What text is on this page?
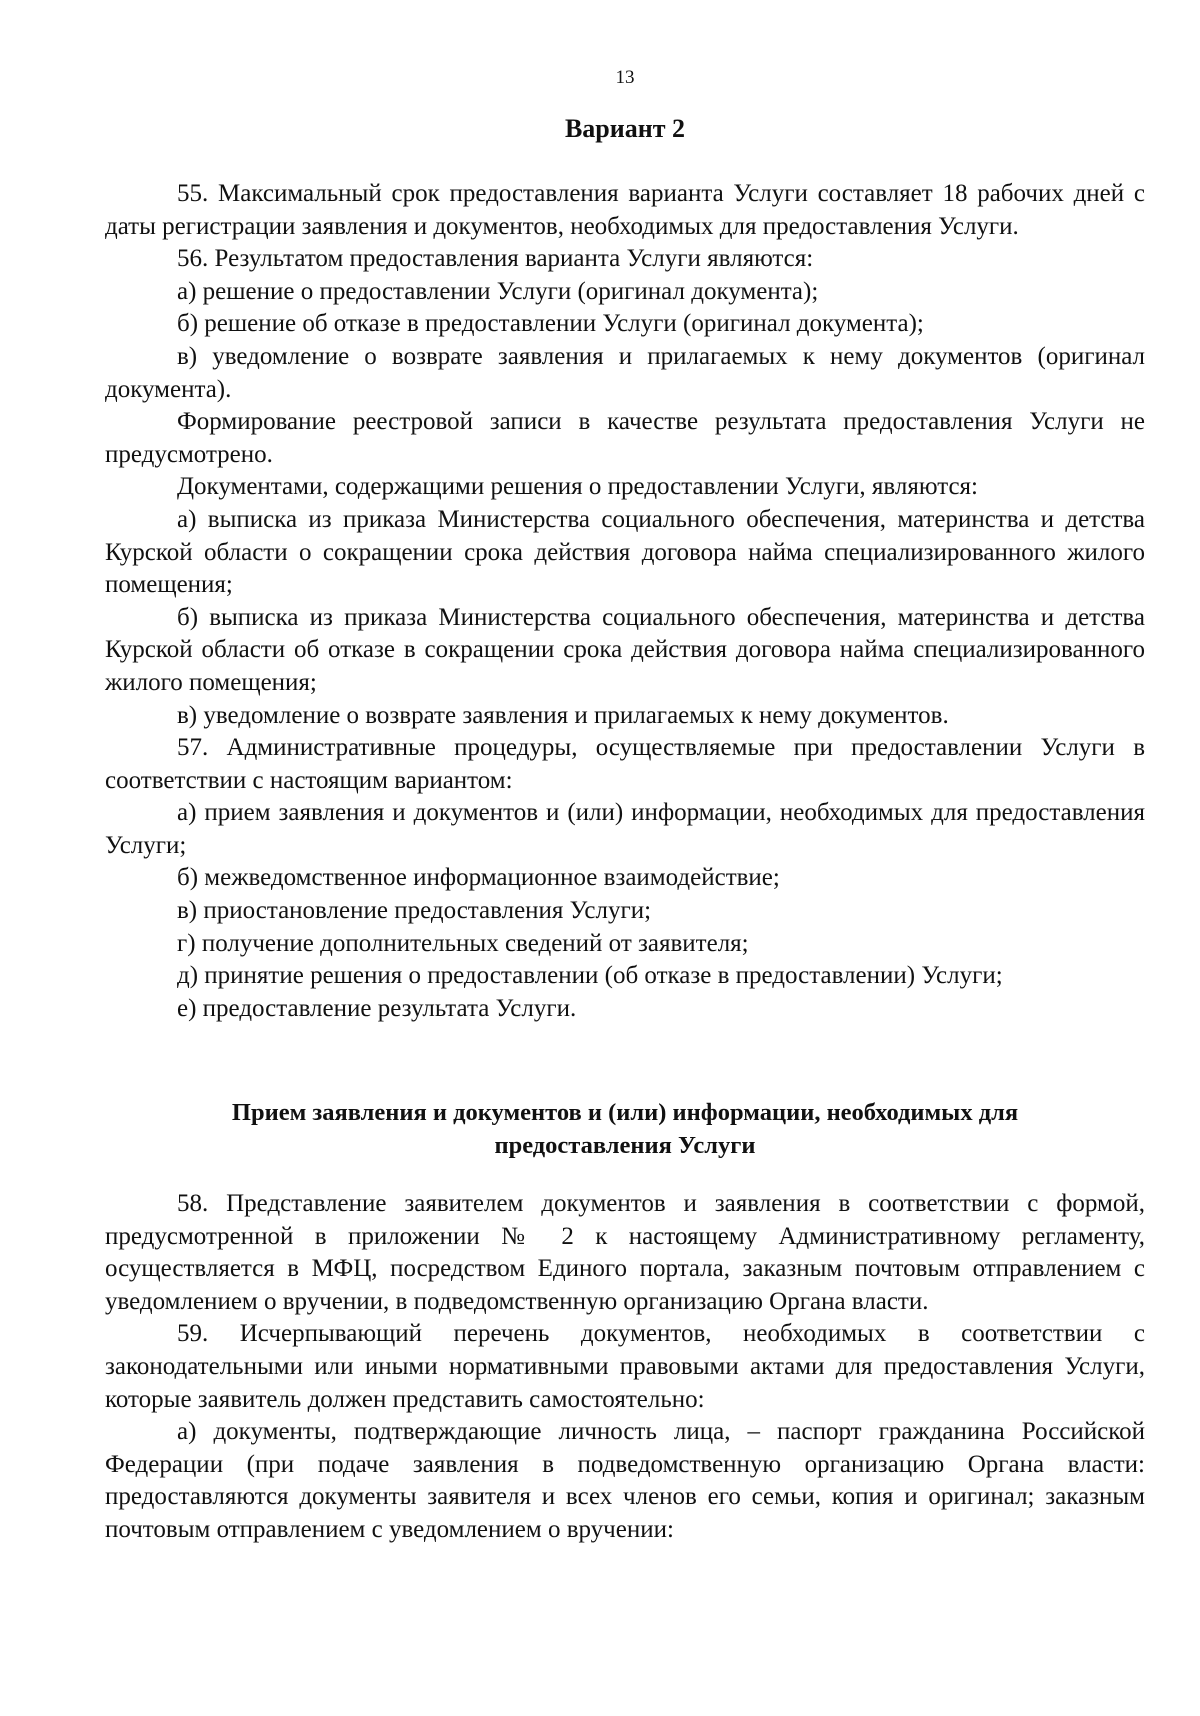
13
Вариант 2

55. Максимальный срок предоставления варианта Услуги составляет 18 рабочих дней с даты регистрации заявления и документов, необходимых для предоставления Услуги.

56. Результатом предоставления варианта Услуги являются:

а) решение о предоставлении Услуги (оригинал документа);

б) решение об отказе в предоставлении Услуги (оригинал документа);

в) уведомление о возврате заявления и прилагаемых к нему документов (оригинал документа).

Формирование реестровой записи в качестве результата предоставления Услуги не предусмотрено.

Документами, содержащими решения о предоставлении Услуги, являются:

а) выписка из приказа Министерства социального обеспечения, материнства и детства Курской области о сокращении срока действия договора найма специализированного жилого помещения;

б) выписка из приказа Министерства социального обеспечения, материнства и детства Курской области об отказе в сокращении срока действия договора найма специализированного жилого помещения;

в) уведомление о возврате заявления и прилагаемых к нему документов.

57. Административные процедуры, осуществляемые при предоставлении Услуги в соответствии с настоящим вариантом:

а) прием заявления и документов и (или) информации, необходимых для предоставления Услуги;

б) межведомственное информационное взаимодействие;

в) приостановление предоставления Услуги;

г) получение дополнительных сведений от заявителя;

д) принятие решения о предоставлении (об отказе в предоставлении) Услуги;

е) предоставление результата Услуги.

Прием заявления и документов и (или) информации, необходимых для
предоставления Услуги

58. Представление заявителем документов и заявления в соответствии с формой, предусмотренной в приложении № 2 к настоящему Административному регламенту, осуществляется в МФЦ, посредством Единого портала, заказным почтовым отправлением с уведомлением о вручении, в подведомственную организацию Органа власти.

59. Исчерпывающий перечень документов, необходимых в соответствии с законодательными или иными нормативными правовыми актами для предоставления Услуги, которые заявитель должен представить самостоятельно:

а) документы, подтверждающие личность лица, – паспорт гражданина Российской Федерации (при подаче заявления в подведомственную организацию Органа власти: предоставляются документы заявителя и всех членов его семьи, копия и оригинал; заказным почтовым отправлением с уведомлением о вручении:
